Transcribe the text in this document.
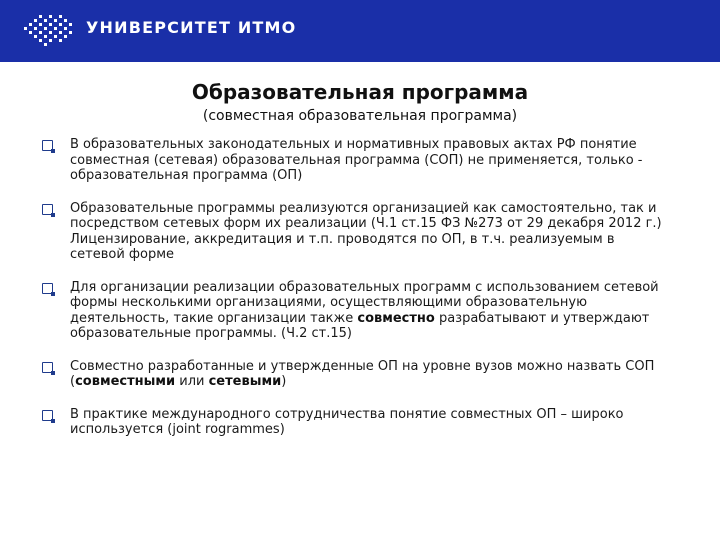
УНИВЕРСИТЕТ ИТМО
Образовательная программа
(совместная образовательная программа)
В образовательных законодательных и нормативных правовых актах РФ понятие совместная (сетевая) образовательная программа (СОП) не применяется, только - образовательная программа (ОП)
Образовательные программы реализуются организацией как самостоятельно, так и посредством сетевых форм их реализации (Ч.1 ст.15 ФЗ №273 от 29 декабря 2012 г.) Лицензирование, аккредитация и т.п. проводятся по ОП, в т.ч. реализуемым в сетевой форме
Для организации реализации образовательных программ с использованием сетевой формы несколькими организациями, осуществляющими образовательную деятельность, такие организации также совместно разрабатывают и утверждают образовательные программы. (Ч.2 ст.15)
Совместно разработанные и утвержденные ОП на уровне вузов можно назвать СОП (совместными или сетевыми)
В практике международного сотрудничества понятие совместных ОП – широко используется (joint rogrammes)
